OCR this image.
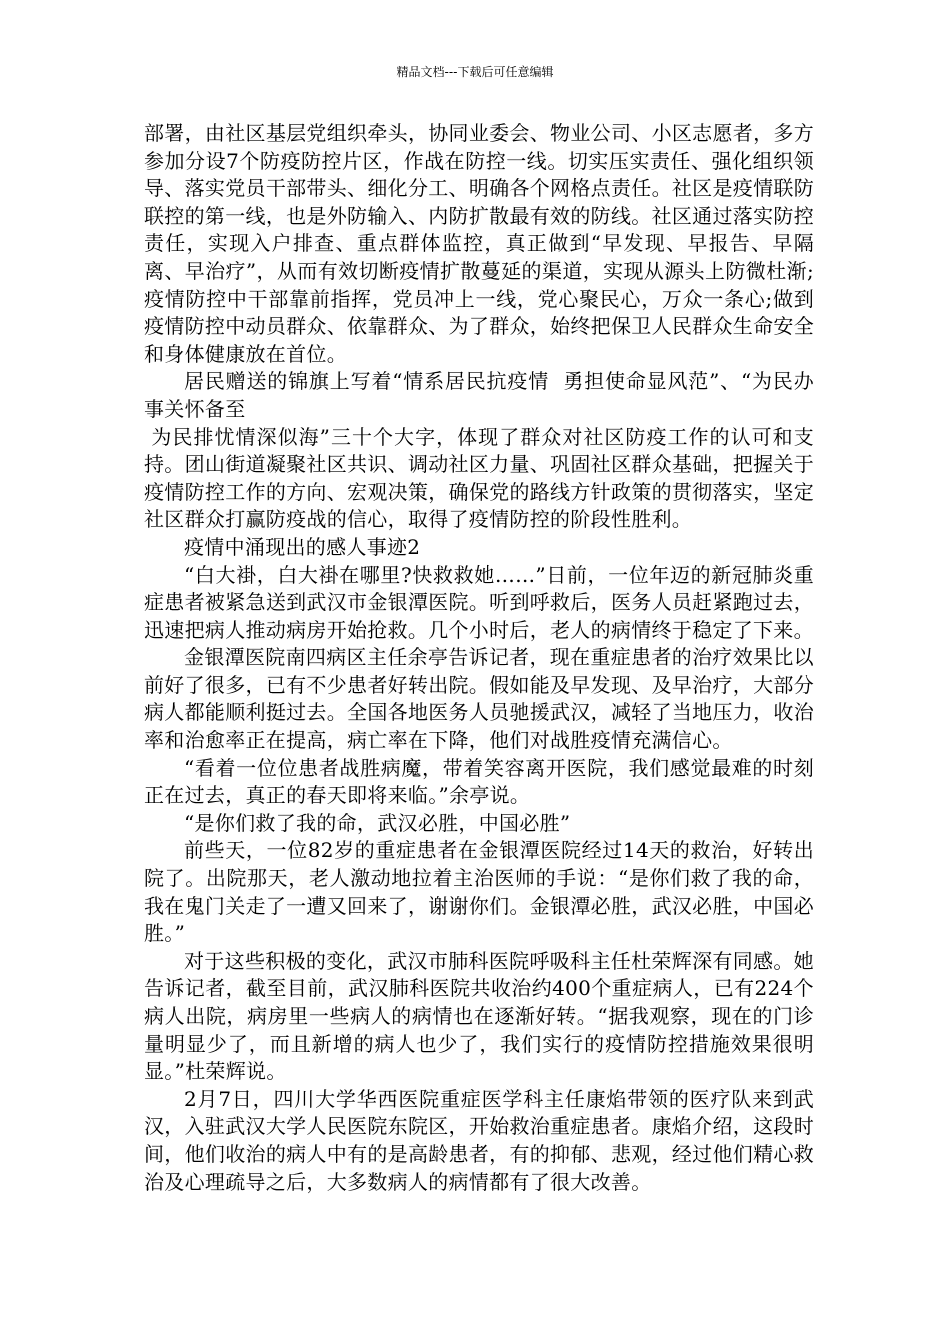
精品文档---下载后可任意编辑

部署，由社区基层党组织牵头，协同业委会、物业公司、小区志愿者，多方参加分设7个防疫防控片区，作战在防控一线。切实压实责任、强化组织领导、落实党员干部带头、细化分工、明确各个网格点责任。社区是疫情联防联控的第一线，也是外防输入、内防扩散最有效的防线。社区通过落实防控责任，实现入户排查、重点群体监控，真正做到“早发现、早报告、早隔离、早治疗”，从而有效切断疫情扩散蔓延的渠道，实现从源头上防微杜渐;疫情防控中干部靠前指挥，党员冲上一线，党心聚民心，万众一条心;做到疫情防控中动员群众、依靠群众、为了群众，始终把保卫人民群众生命安全和身体健康放在首位。

居民赠送的锦旗上写着“情系居民抗疫情  勇担使命显风范”、“为民办事关怀备至
为民排忧情深似海”三十个大字，体现了群众对社区防疫工作的认可和支持。团山街道凝聚社区共识、调动社区力量、巩固社区群众基础，把握关于疫情防控工作的方向、宏观决策，确保党的路线方针政策的贯彻落实，坚定社区群众打赢防疫战的信心，取得了疫情防控的阶段性胜利。

疫情中涌现出的感人事迹2

“白大褂，白大褂在哪里?快救救她……”日前，一位年迈的新冠肺炎重症患者被紧急送到武汉市金银潭医院。听到呼救后，医务人员赶紧跑过去，迅速把病人推动病房开始抢救。几个小时后，老人的病情终于稳定了下来。

金银潭医院南四病区主任余亭告诉记者，现在重症患者的治疗效果比以前好了很多，已有不少患者好转出院。假如能及早发现、及早治疗，大部分病人都能顺利挺过去。全国各地医务人员驰援武汉，减轻了当地压力，收治率和治愈率正在提高，病亡率在下降，他们对战胜疫情充满信心。

“看着一位位患者战胜病魔，带着笑容离开医院，我们感觉最难的时刻正在过去，真正的春天即将来临。”余亭说。

“是你们救了我的命，武汉必胜，中国必胜”

前些天，一位82岁的重症患者在金银潭医院经过14天的救治，好转出院了。出院那天，老人激动地拉着主治医师的手说：“是你们救了我的命，我在鬼门关走了一遭又回来了，谢谢你们。金银潭必胜，武汉必胜，中国必胜。”

对于这些积极的变化，武汉市肺科医院呼吸科主任杜荣辉深有同感。她告诉记者，截至目前，武汉肺科医院共收治约400个重症病人，已有224个病人出院，病房里一些病人的病情也在逐渐好转。“据我观察，现在的门诊量明显少了，而且新增的病人也少了，我们实行的疫情防控措施效果很明显。”杜荣辉说。

2月7日，四川大学华西医院重症医学科主任康焰带领的医疗队来到武汉，入驻武汉大学人民医院东院区，开始救治重症患者。康焰介绍，这段时间，他们收治的病人中有的是高龄患者，有的抑郁、悲观，经过他们精心救治及心理疏导之后，大多数病人的病情都有了很大改善。
